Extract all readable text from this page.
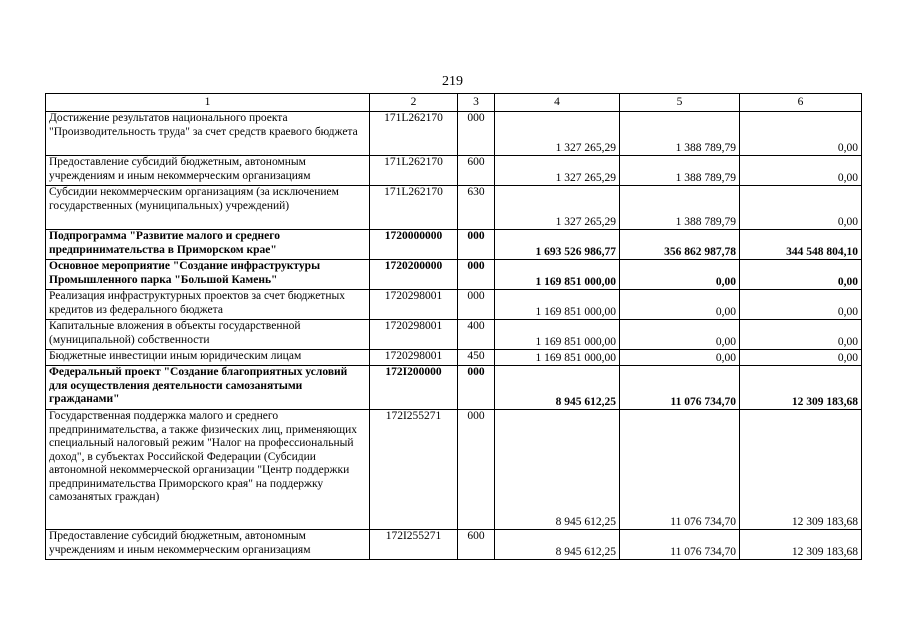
219
1	2	3	4	5	6
Достижение результатов национального проекта "Производительность труда" за счет средств краевого бюджета	171L262170	000	1 327 265,29	1 388 789,79	0,00
Предоставление субсидий бюджетным, автономным учреждениям и иным некоммерческим организациям	171L262170	600	1 327 265,29	1 388 789,79	0,00
Субсидии некоммерческим организациям (за исключением государственных (муниципальных) учреждений)	171L262170	630	1 327 265,29	1 388 789,79	0,00
Подпрограмма "Развитие малого и среднего предпринимательства в Приморском крае"	1720000000	000	1 693 526 986,77	356 862 987,78	344 548 804,10
Основное мероприятие "Создание инфраструктуры Промышленного парка "Большой Камень"	1720200000	000	1 169 851 000,00	0,00	0,00
Реализация инфраструктурных проектов за счет бюджетных кредитов из федерального бюджета	1720298001	000	1 169 851 000,00	0,00	0,00
Капитальные вложения в объекты государственной (муниципальной) собственности	1720298001	400	1 169 851 000,00	0,00	0,00
Бюджетные инвестиции иным юридическим лицам	1720298001	450	1 169 851 000,00	0,00	0,00
Федеральный проект "Создание благоприятных условий для осуществления деятельности самозанятыми гражданами"	172I200000	000	8 945 612,25	11 076 734,70	12 309 183,68
Государственная поддержка малого и среднего предпринимательства, а также физических лиц, применяющих специальный налоговый режим "Налог на профессиональный доход", в субъектах Российской Федерации (Субсидии автономной некоммерческой организации "Центр поддержки предпринимательства Приморского края" на поддержку самозанятых граждан)	172I255271	000	8 945 612,25	11 076 734,70	12 309 183,68
Предоставление субсидий бюджетным, автономным учреждениям и иным некоммерческим организациям	172I255271	600	8 945 612,25	11 076 734,70	12 309 183,68
